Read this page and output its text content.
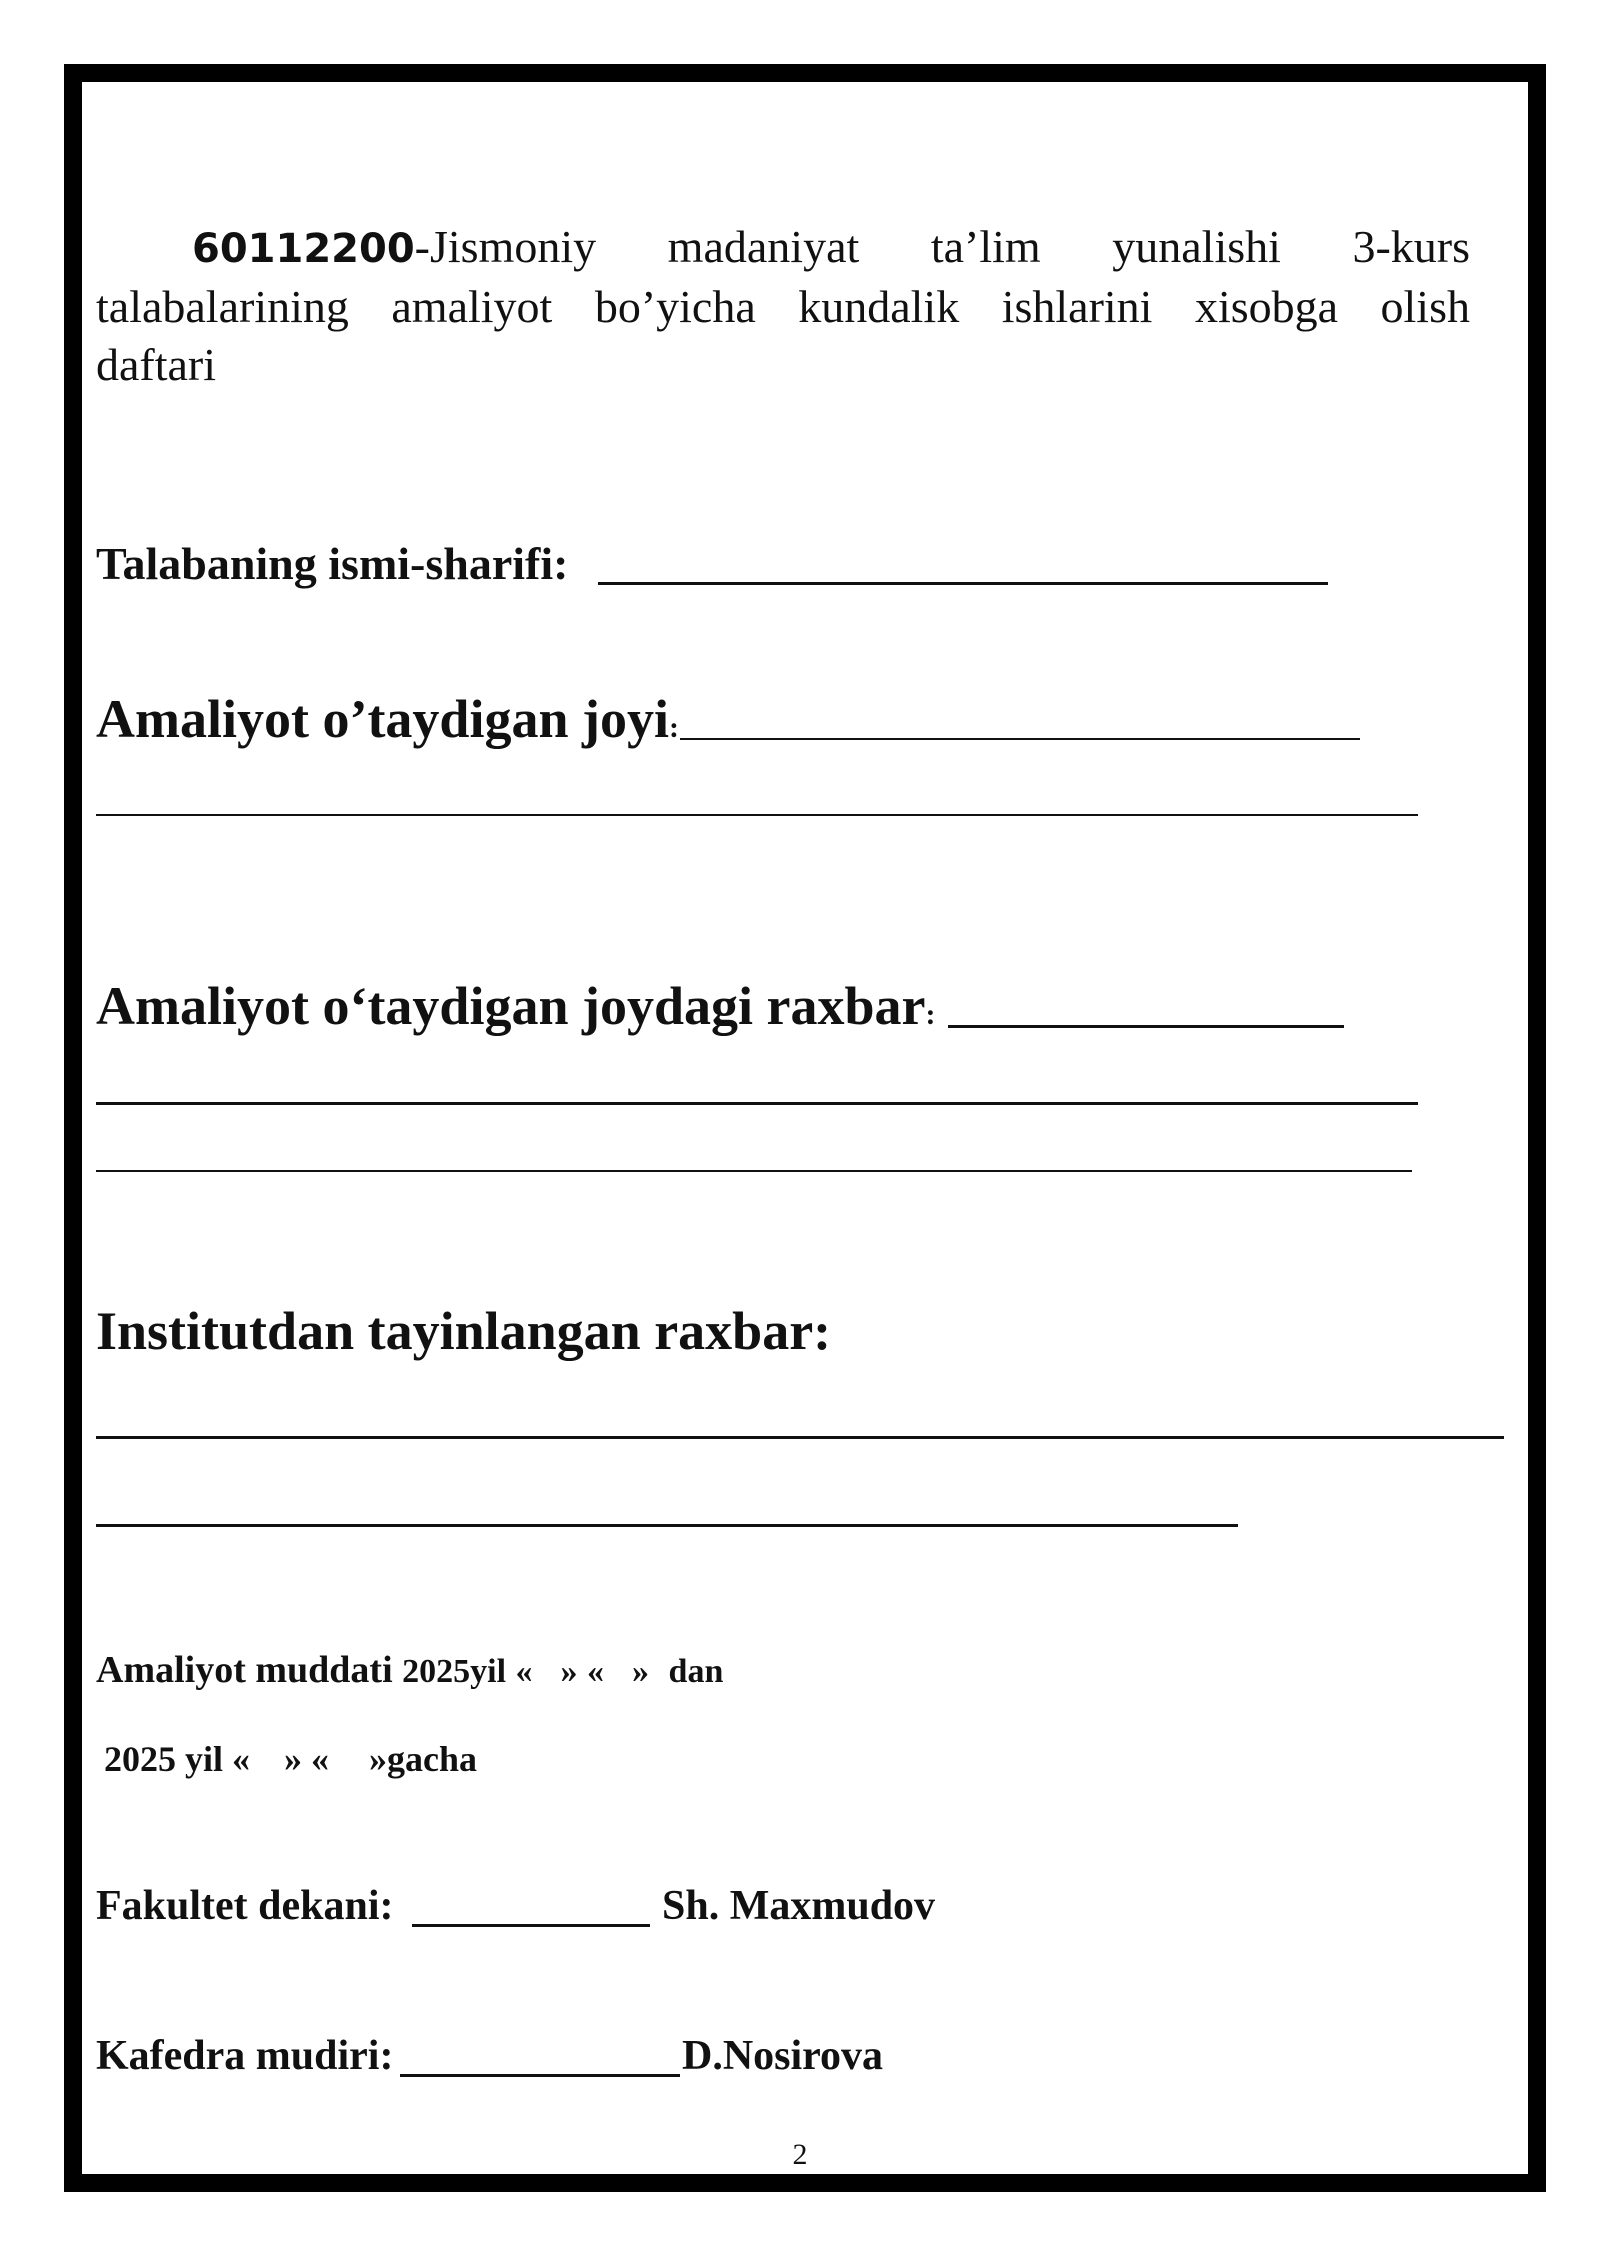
60112200-Jismoniy madaniyat ta’lim yunalishi 3-kurs
talabalarining amaliyot bo’yicha kundalik ishlarini xisobga olish
daftari
Talabaning ismi-sharifi:
Amaliyot o’taydigan joyi:
Amaliyot o‘taydigan joydagi raxbar:
Institutdan tayinlangan raxbar:
Amaliyot muddati 2025yil « » « » dan
2025 yil « » « »gacha
Fakultet dekani:	Sh. Maxmudov
Kafedra mudiri:	D.Nosirova
2
